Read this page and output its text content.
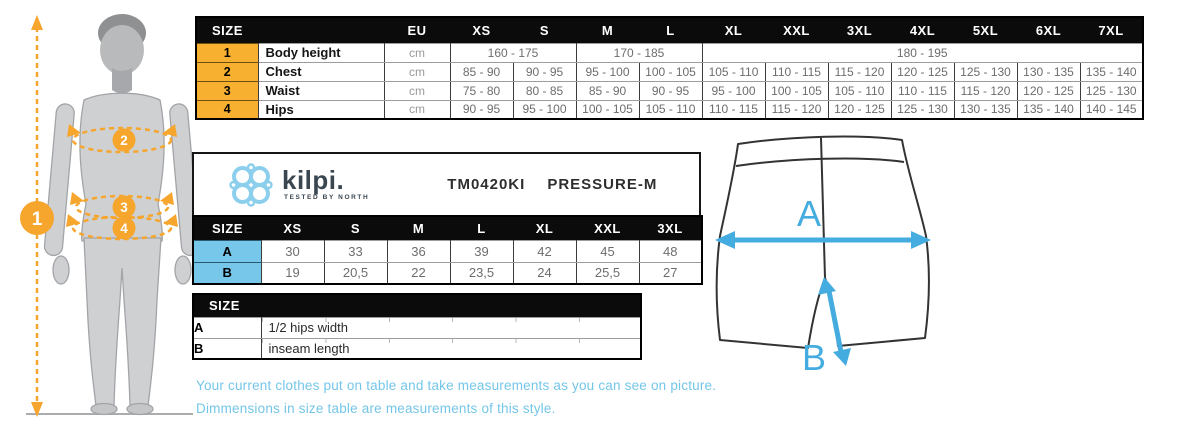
1
2
3
4
SIZE		EU	XS	S	M	L	XL	XXL	3XL	4XL	5XL	6XL	7XL
1	Body height	cm	160 - 175		170 - 185		180 - 195						
2	Chest	cm	85 - 90	90 - 95	95 - 100	100 - 105	105 - 110	110 - 115	115 - 120	120 - 125	125 - 130	130 - 135	135 - 140
3	Waist	cm	75 - 80	80 - 85	85 - 90	90 - 95	95 - 100	100 - 105	105 - 110	110 - 115	115 - 120	120 - 125	125 - 130
4	Hips	cm	90 - 95	95 - 100	100 - 105	105 - 110	110 - 115	115 - 120	120 - 125	125 - 130	130 - 135	135 - 140	140 - 145
kilpi.
TESTED BY NORTH
TM0420KI PRESSURE-M
SIZE	XS	S	M	L	XL	XXL	3XL
A	30	33	36	39	42	45	48
B	19	20,5	22	23,5	24	25,5	27
SIZE	
A	1/2 hips width
B	inseam length
A
B
Your current clothes put on table and take measurements as you can see on picture.
Dimmensions in size table are measurements of this style.
